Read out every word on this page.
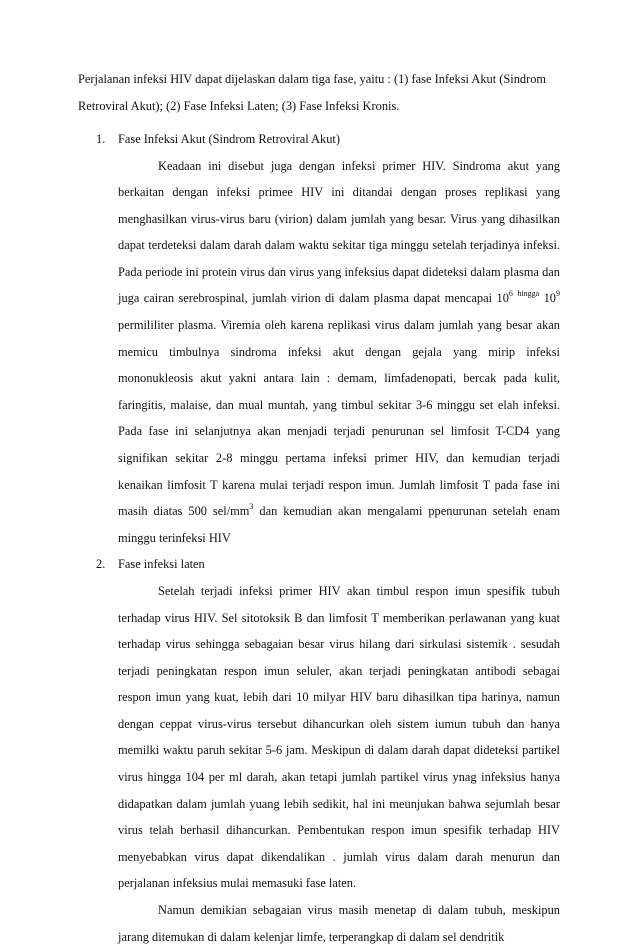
Perjalanan infeksi HIV dapat dijelaskan dalam tiga fase, yaitu : (1) fase Infeksi Akut (Sindrom Retroviral Akut); (2) Fase Infeksi Laten; (3) Fase Infeksi Kronis.

1. Fase Infeksi Akut (Sindrom Retroviral Akut)

Keadaan ini disebut juga dengan infeksi primer HIV. Sindroma akut yang berkaitan dengan infeksi primee HIV ini ditandai dengan proses replikasi yang menghasilkan virus-virus baru (virion) dalam jumlah yang besar. Virus yang dihasilkan dapat terdeteksi dalam darah dalam waktu sekitar tiga minggu setelah terjadinya infeksi. Pada periode ini protein virus dan virus yang infeksius dapat dideteksi dalam plasma dan juga cairan serebrospinal, jumlah virion di dalam plasma dapat mencapai $10^6$ $^{hingga}$ $10^9$ permililiter plasma. Viremia oleh karena replikasi virus dalam jumlah yang besar akan memicu timbulnya sindroma infeksi akut dengan gejala yang mirip infeksi mononukleosis akut yakni antara lain : demam, limfadenopati, bercak pada kulit, faringitis, malaise, dan mual muntah, yang timbul sekitar 3-6 minggu set elah infeksi. Pada fase ini selanjutnya akan menjadi terjadi penurunan sel limfosit T-CD4 yang signifikan sekitar 2-8 minggu pertama infeksi primer HIV, dan kemudian terjadi kenaikan limfosit T karena mulai terjadi respon imun. Jumlah limfosit T pada fase ini masih diatas 500 sel/$mm^3$ dan kemudian akan mengalami ppenurunan setelah enam minggu terinfeksi HIV

2. Fase infeksi laten

Setelah terjadi infeksi primer HIV akan timbul respon imun spesifik tubuh terhadap virus HIV. Sel sitotoksik B dan limfosit T memberikan perlawanan yang kuat terhadap virus sehingga sebagaian besar virus hilang dari sirkulasi sistemik . sesudah terjadi peningkatan respon imun seluler, akan terjadi peningkatan antibodi sebagai respon imun yang kuat, lebih dari 10 milyar HIV baru dihasilkan tipa harinya, namun dengan ceppat virus-virus tersebut dihancurkan oleh sistem iumun tubuh dan hanya memilki waktu paruh sekitar 5-6 jam. Meskipun di dalam darah dapat dideteksi partikel virus hingga 104 per ml darah, akan tetapi jumlah partikel virus ynag infeksius hanya didapatkan dalam jumlah yuang lebih sedikit, hal ini meunjukan bahwa sejumlah besar virus telah berhasil dihancurkan. Pembentukan respon imun spesifik terhadap HIV menyebabkan virus dapat dikendalikan . jumlah virus dalam darah menurun dan perjalanan infeksius mulai memasuki fase laten.

Namun demikian sebagaian virus masih menetap di dalam tubuh, meskipun jarang ditemukan di dalam kelenjar limfe, terperangkap di dalam sel dendritik
